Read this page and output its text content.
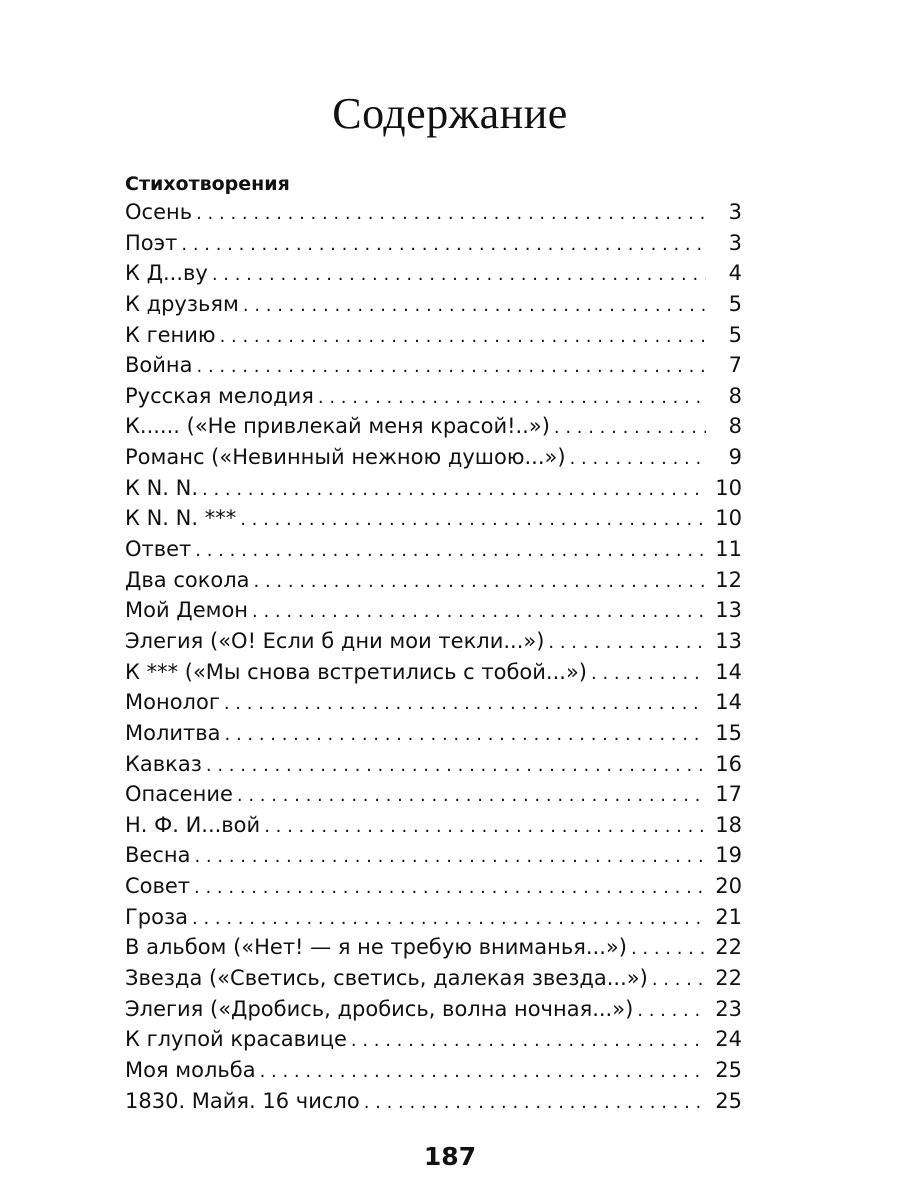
Содержание
Стихотворения
Осень . . .	3
Поэт . . .	3
К Д...ву . . .	4
К друзьям . . .	5
К гению . . .	5
Война . . .	7
Русская мелодия . . .	8
К...... («Не привлекай меня красой!..») . . .	8
Романс («Невинный нежною душою...») . . .	9
К N. N. . . .	10
К N. N. *** . . .	10
Ответ . . .	11
Два сокола . . .	12
Мой Демон . . .	13
Элегия («О! Если б дни мои текли...») . . .	13
К *** («Мы снова встретились с тобой...») . . .	14
Монолог . . .	14
Молитва . . .	15
Кавказ . . .	16
Опасение . . .	17
Н. Ф. И...вой . . .	18
Весна . . .	19
Совет . . .	20
Гроза . . .	21
В альбом («Нет! — я не требую вниманья...») . . .	22
Звезда («Светись, светись, далекая звезда...») . . .	22
Элегия («Дробись, дробись, волна ночная...») . . .	23
К глупой красавице . . .	24
Моя мольба . . .	25
1830. Майя. 16 число . . .	25
187
